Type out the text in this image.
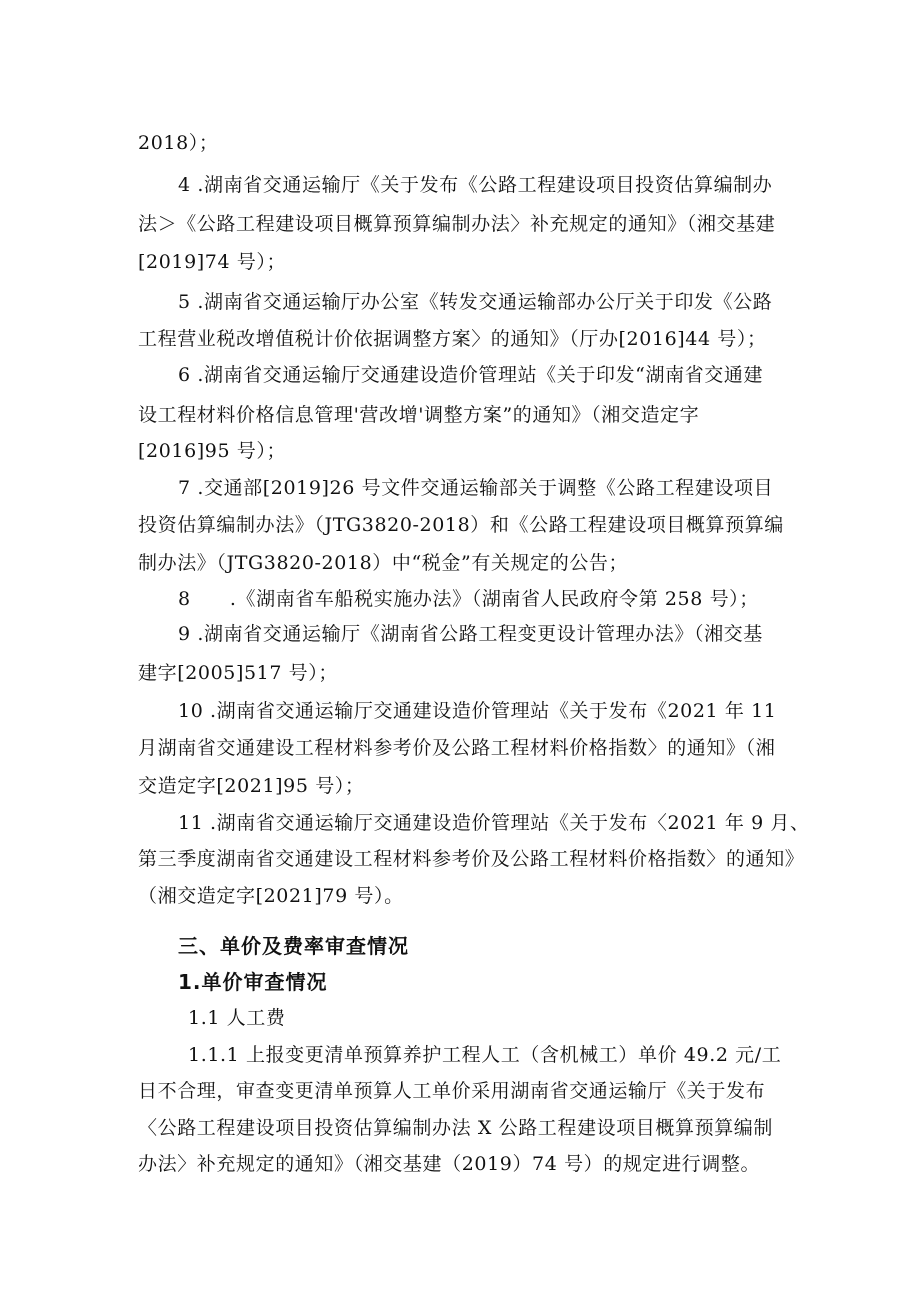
2018）；
4 .湖南省交通运输厅《关于发布《公路工程建设项目投资估算编制办
法＞《公路工程建设项目概算预算编制办法〉补充规定的通知》（湘交基建
[2019]74 号）；
5 .湖南省交通运输厅办公室《转发交通运输部办公厅关于印发《公路
工程营业税改增值税计价依据调整方案〉的通知》（厅办[2016]44 号）；
6 .湖南省交通运输厅交通建设造价管理站《关于印发“湖南省交通建
设工程材料价格信息管理'营改增'调整方案”的通知》（湘交造定字
[2016]95 号）；
7 .交通部[2019]26 号文件交通运输部关于调整《公路工程建设项目
投资估算编制办法》（JTG3820-2018）和《公路工程建设项目概算预算编
制办法》（JTG3820-2018）中“税金”有关规定的公告；
8　　.《湖南省车船税实施办法》（湖南省人民政府令第 258 号）；
9 .湖南省交通运输厅《湖南省公路工程变更设计管理办法》（湘交基
建字[2005]517 号）；
10 .湖南省交通运输厅交通建设造价管理站《关于发布《2021 年 11
月湖南省交通建设工程材料参考价及公路工程材料价格指数〉的通知》（湘
交造定字[2021]95 号）；
11 .湖南省交通运输厅交通建设造价管理站《关于发布〈2021 年 9 月、
第三季度湖南省交通建设工程材料参考价及公路工程材料价格指数〉的通知》
（湘交造定字[2021]79 号）。
三、单价及费率审查情况
1.单价审查情况
1.1 人工费
1.1.1 上报变更清单预算养护工程人工（含机械工）单价 49.2 元/工
日不合理，审查变更清单预算人工单价采用湖南省交通运输厅《关于发布
〈公路工程建设项目投资估算编制办法 X 公路工程建设项目概算预算编制
办法〉补充规定的通知》（湘交基建（2019）74 号）的规定进行调整。
